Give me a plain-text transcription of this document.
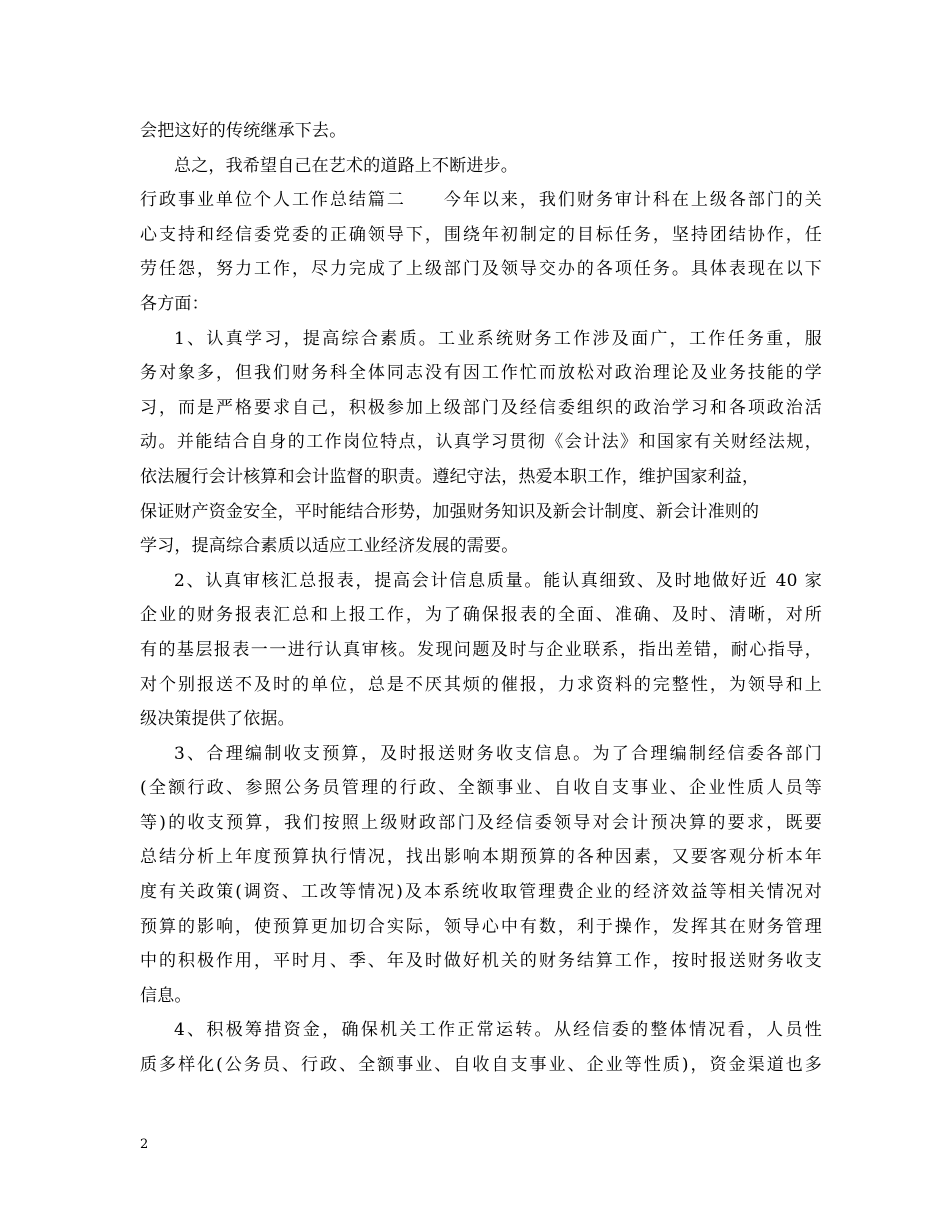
会把这好的传统继承下去。
总之，我希望自己在艺术的道路上不断进步。
行政事业单位个人工作总结篇二　　今年以来，我们财务审计科在上级各部门的关
心支持和经信委党委的正确领导下，围绕年初制定的目标任务，坚持团结协作，任
劳任怨，努力工作，尽力完成了上级部门及领导交办的各项任务。具体表现在以下
各方面：
1、认真学习，提高综合素质。工业系统财务工作涉及面广，工作任务重，服
务对象多，但我们财务科全体同志没有因工作忙而放松对政治理论及业务技能的学
习，而是严格要求自己，积极参加上级部门及经信委组织的政治学习和各项政治活
动。并能结合自身的工作岗位特点，认真学习贯彻《会计法》和国家有关财经法规，
依法履行会计核算和会计监督的职责。遵纪守法，热爱本职工作，维护国家利益，
保证财产资金安全，平时能结合形势，加强财务知识及新会计制度、新会计准则的
学习，提高综合素质以适应工业经济发展的需要。
2、认真审核汇总报表，提高会计信息质量。能认真细致、及时地做好近 40 家
企业的财务报表汇总和上报工作，为了确保报表的全面、准确、及时、清晰，对所
有的基层报表一一进行认真审核。发现问题及时与企业联系，指出差错，耐心指导，
对个别报送不及时的单位，总是不厌其烦的催报，力求资料的完整性，为领导和上
级决策提供了依据。
3、合理编制收支预算，及时报送财务收支信息。为了合理编制经信委各部门
(全额行政、参照公务员管理的行政、全额事业、自收自支事业、企业性质人员等
等)的收支预算，我们按照上级财政部门及经信委领导对会计预决算的要求，既要
总结分析上年度预算执行情况，找出影响本期预算的各种因素，又要客观分析本年
度有关政策(调资、工改等情况)及本系统收取管理费企业的经济效益等相关情况对
预算的影响，使预算更加切合实际，领导心中有数，利于操作，发挥其在财务管理
中的积极作用，平时月、季、年及时做好机关的财务结算工作，按时报送财务收支
信息。
4、积极筹措资金，确保机关工作正常运转。从经信委的整体情况看，人员性
质多样化(公务员、行政、全额事业、自收自支事业、企业等性质)，资金渠道也多
2
